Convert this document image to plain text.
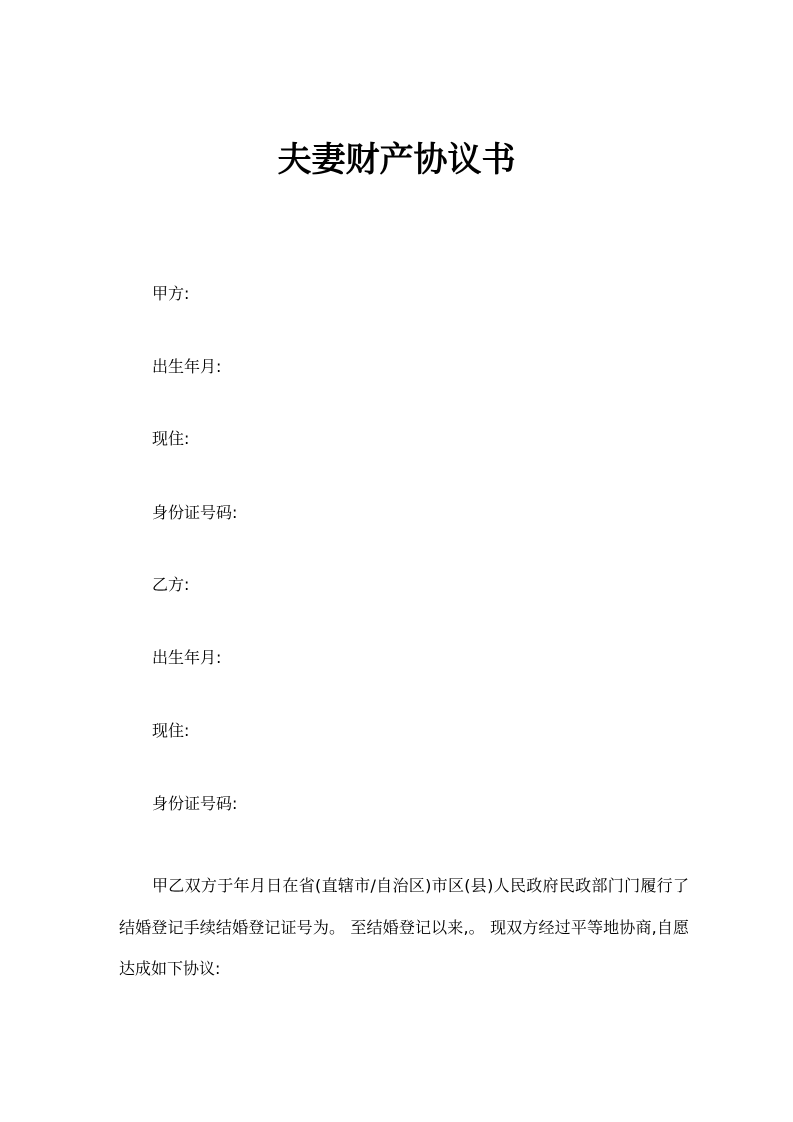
夫妻财产协议书
甲方:
出生年月:
现住:
身份证号码:
乙方:
出生年月:
现住:
身份证号码:
甲乙双方于年月日在省(直辖市/自治区)市区(县)人民政府民政部门门履行了结婚登记手续结婚登记证号为。 至结婚登记以来,。 现双方经过平等地协商,自愿达成如下协议:
